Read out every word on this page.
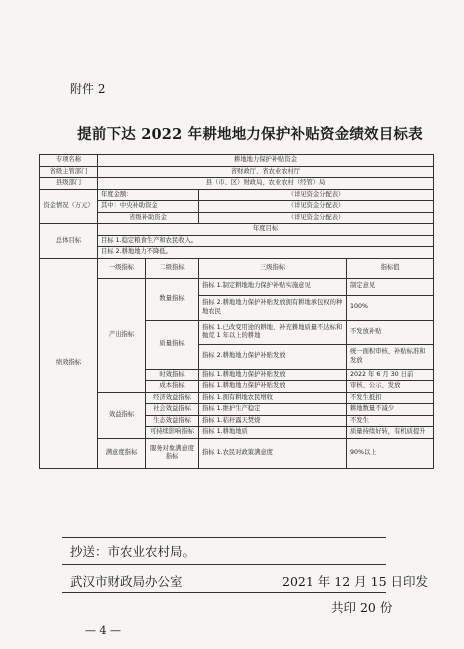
附件 2
提前下达 2022 年耕地地力保护补贴资金绩效目标表
专项名称	耕地地力保护补贴资金			
省级主管部门	省财政厅、省农业农村厅			
县级部门	县（市、区）财政局、农业农村（经管）局			
资金情况（万元）	年度金额：		（详见资金分配表）	
	其中：中央补助资金		（详见资金分配表）	
	省级补助资金		（详见资金分配表）	
总体目标	年度目标			
	目标 1.稳定粮食生产和农民收入。			
	目标 2.耕地地力不降低。			
绩效指标	一级指标	二级指标	三级指标	指标值
	产出指标	数量指标	指标 1.制定耕地地力保护补贴实施意见	制定意见
			指标 2.耕地地力保护补贴发放拥有耕地承包权的种地农民	100%
		质量指标	指标 1.已改变用途的耕地、补充耕地质量不达标和抛荒 1 年以上的耕地	不发放补贴
			指标 2.耕地地力保护补贴发放	统一面积审核、补贴标准和发放
		时效指标	指标 1.耕地地力保护补贴发放	2022 年 6 月 30 日前
		成本指标	指标 1.耕地地力保护补贴发放	审核、公示、发放
	效益指标	经济效益指标	指标 1.拥有耕地农民增收	不发生抵扣
		社会效益指标	指标 1.维护生产稳定	耕地数量不减少
		生态效益指标	指标 1.秸秆露天焚烧	不发生
		可持续影响指标	指标 1.耕地地质	质量持续好转，有机质提升
	满意度指标	服务对象满意度指标	指标 1.农民对政策满意度	90%以上
抄送：市农业农村局。
武汉市财政局办公室	2021 年 12 月 15 日印发
共印 20 份
— 4 —
